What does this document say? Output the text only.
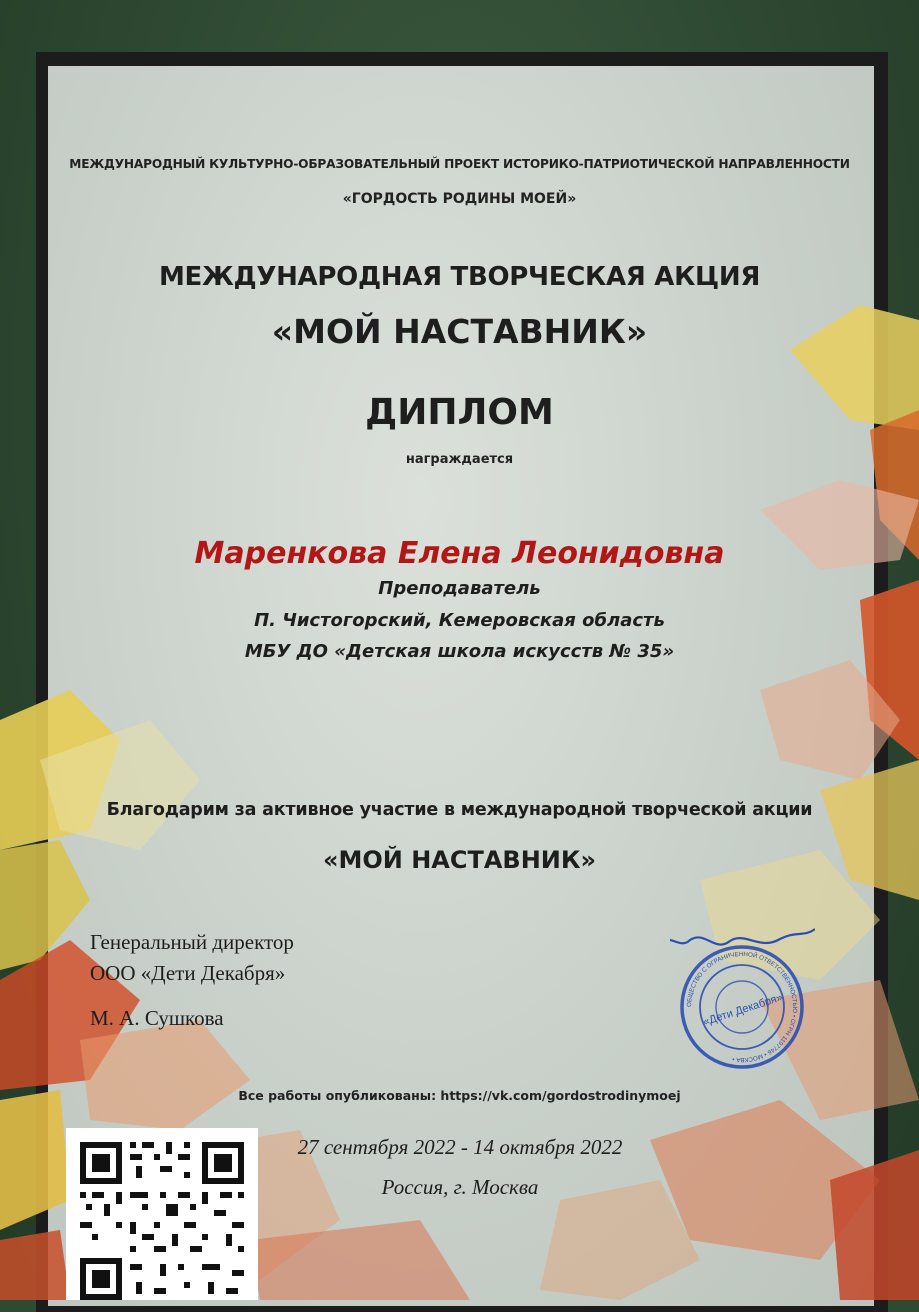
МЕЖДУНАРОДНЫЙ КУЛЬТУРНО-ОБРАЗОВАТЕЛЬНЫЙ ПРОЕКТ ИСТОРИКО-ПАТРИОТИЧЕСКОЙ НАПРАВЛЕННОСТИ
«ГОРДОСТЬ РОДИНЫ МОЕЙ»
МЕЖДУНАРОДНАЯ ТВОРЧЕСКАЯ АКЦИЯ
«МОЙ НАСТАВНИК»
ДИПЛОМ
награждается
Маренкова Елена Леонидовна
Преподаватель
П. Чистогорский, Кемеровская область
МБУ ДО «Детская школа искусств № 35»
Благодарим за активное участие в международной творческой акции
«МОЙ НАСТАВНИК»
Генеральный директор
ООО «Дети Декабря»
М. А. Сушкова	«Дети Декабря»
ОБЩЕСТВО С ОГРАНИЧЕННОЙ ОТВЕТСТВЕННОСТЬЮ • ОГРН 1197746 • МОСКВА •
Все работы опубликованы: https://vk.com/gordostrodinymoej
27 сентября 2022 - 14 октября 2022
Россия, г. Москва
